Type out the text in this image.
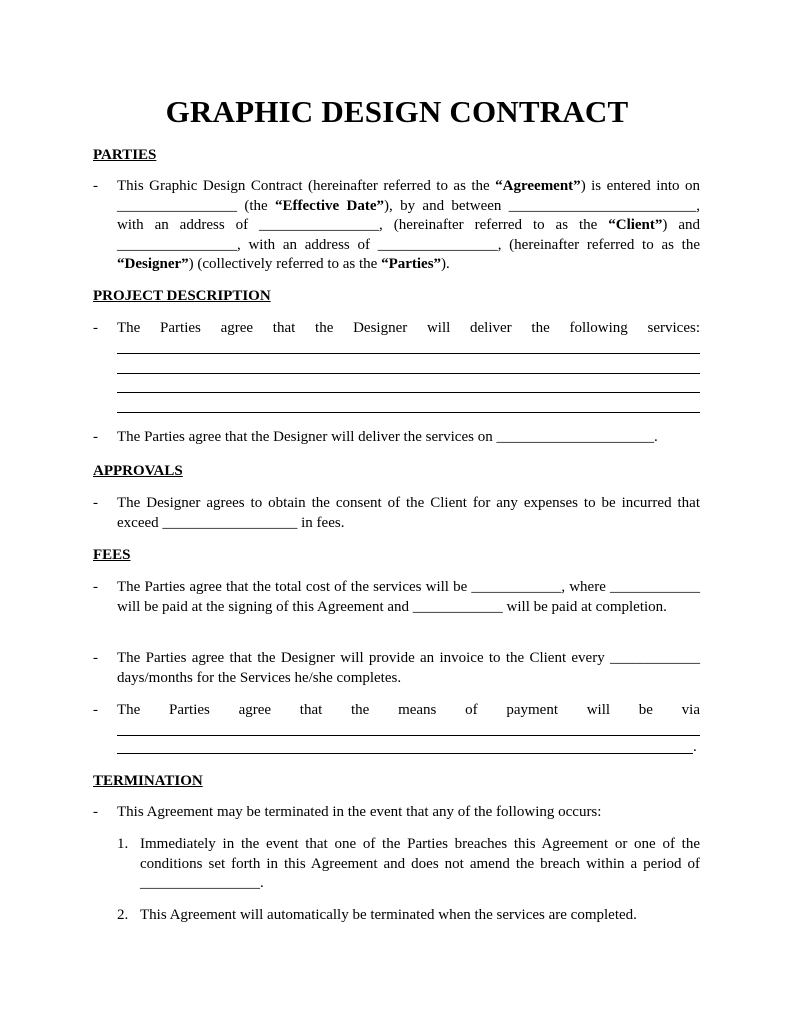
GRAPHIC DESIGN CONTRACT
PARTIES
- This Graphic Design Contract (hereinafter referred to as the “Agreement”) is entered into on ________________ (the “Effective Date”), by and between _________________________, with an address of ________________, (hereinafter referred to as the “Client”) and ________________, with an address of ________________, (hereinafter referred to as the “Designer”) (collectively referred to as the “Parties”).
PROJECT DESCRIPTION
- The Parties agree that the Designer will deliver the following services:
- The Parties agree that the Designer will deliver the services on _____________________.
APPROVALS
- The Designer agrees to obtain the consent of the Client for any expenses to be incurred that exceed __________________ in fees.
FEES
- The Parties agree that the total cost of the services will be ____________, where ____________ will be paid at the signing of this Agreement and ____________ will be paid at completion.
- The Parties agree that the Designer will provide an invoice to the Client every ____________ days/months for the Services he/she completes.
- The Parties agree that the means of payment will be via
.
TERMINATION
- This Agreement may be terminated in the event that any of the following occurs:
1. Immediately in the event that one of the Parties breaches this Agreement or one of the conditions set forth in this Agreement and does not amend the breach within a period of ________________.
2. This Agreement will automatically be terminated when the services are completed.
